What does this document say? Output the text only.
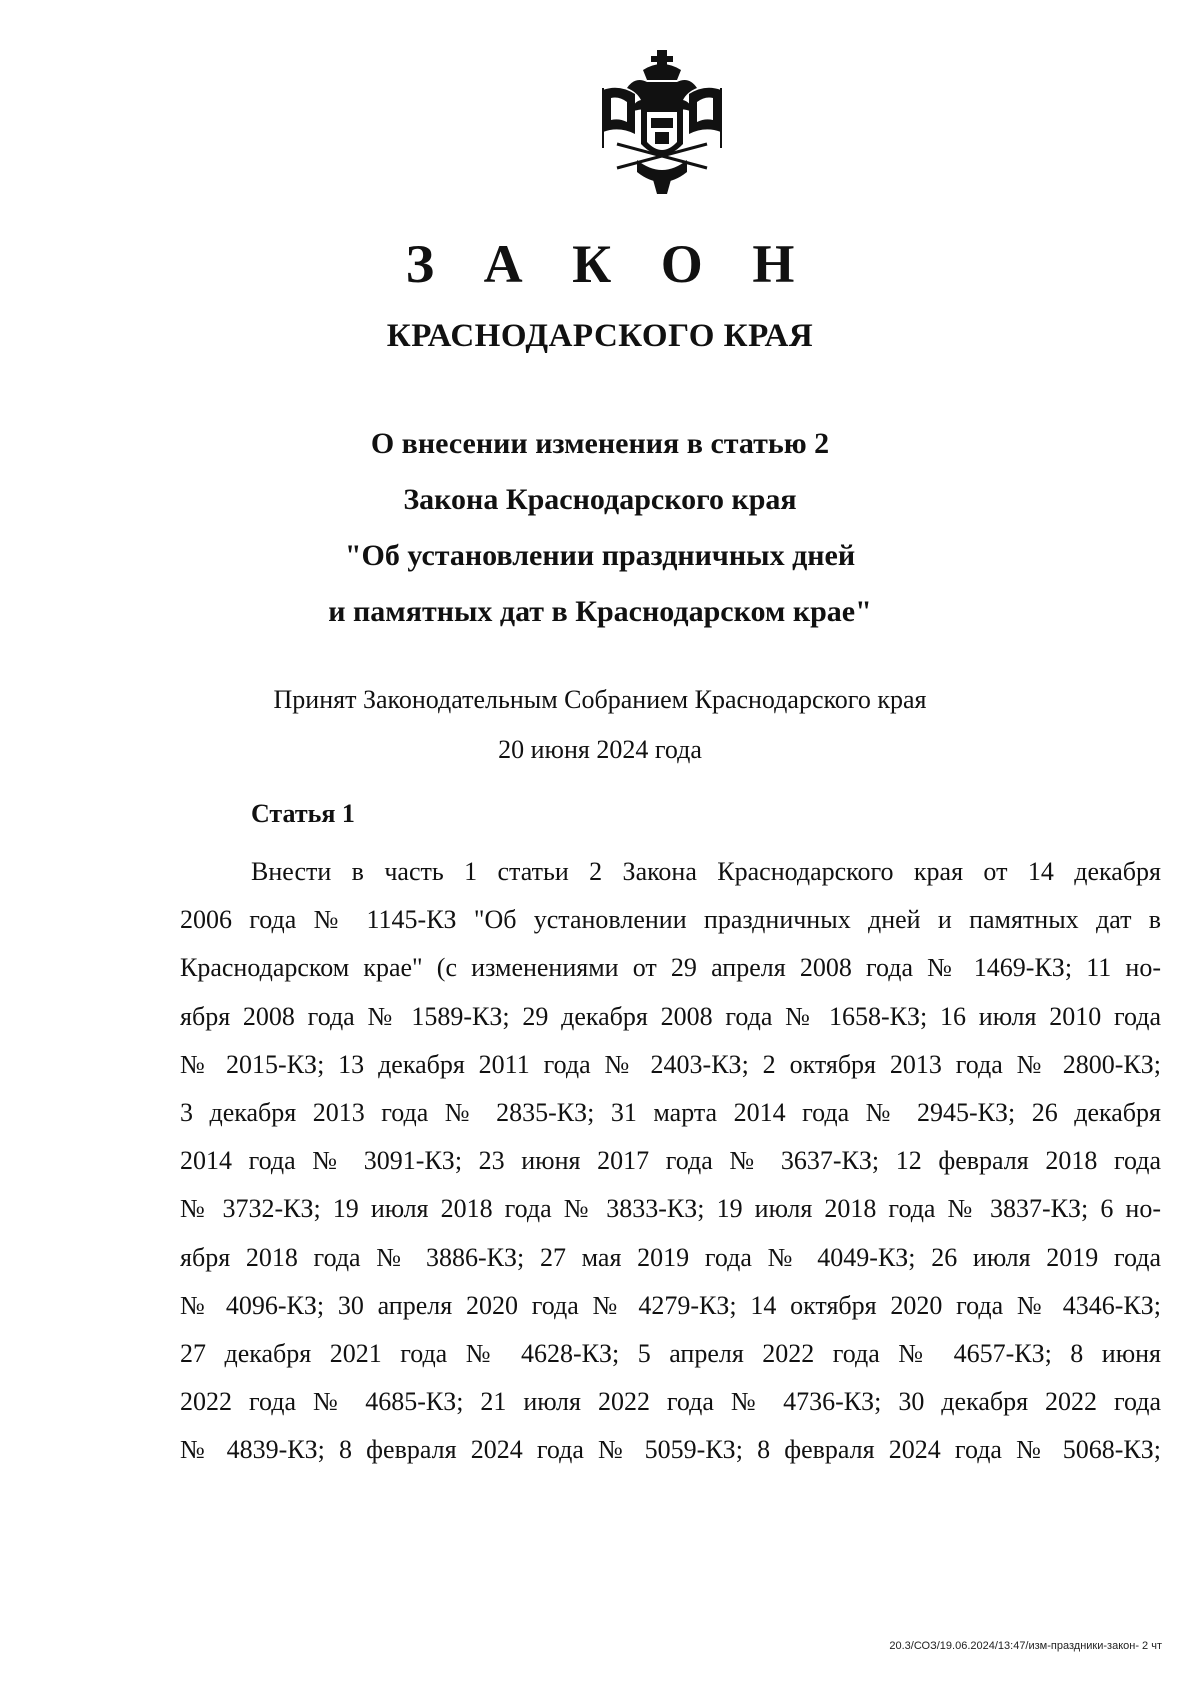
З А К О Н
КРАСНОДАРСКОГО КРАЯ
О внесении изменения в статью 2
Закона Краснодарского края
"Об установлении праздничных дней
и памятных дат в Краснодарском крае"
Принят Законодательным Собранием Краснодарского края
20 июня 2024 года
Статья 1
Внести в часть 1 статьи 2 Закона Краснодарского края от 14 декабря
2006 года № 1145-КЗ "Об установлении праздничных дней и памятных дат в
Краснодарском крае" (с изменениями от 29 апреля 2008 года № 1469-КЗ; 11 но-
ября 2008 года № 1589-КЗ; 29 декабря 2008 года № 1658-КЗ; 16 июля 2010 года
№ 2015-КЗ; 13 декабря 2011 года № 2403-КЗ; 2 октября 2013 года № 2800-КЗ;
3 декабря 2013 года № 2835-КЗ; 31 марта 2014 года № 2945-КЗ; 26 декабря
2014 года № 3091-КЗ; 23 июня 2017 года № 3637-КЗ; 12 февраля 2018 года
№ 3732-КЗ; 19 июля 2018 года № 3833-КЗ; 19 июля 2018 года № 3837-КЗ; 6 но-
ября 2018 года № 3886-КЗ; 27 мая 2019 года № 4049-КЗ; 26 июля 2019 года
№ 4096-КЗ; 30 апреля 2020 года № 4279-КЗ; 14 октября 2020 года № 4346-КЗ;
27 декабря 2021 года № 4628-КЗ; 5 апреля 2022 года № 4657-КЗ; 8 июня
2022 года № 4685-КЗ; 21 июля 2022 года № 4736-КЗ; 30 декабря 2022 года
№ 4839-КЗ; 8 февраля 2024 года № 5059-КЗ; 8 февраля 2024 года № 5068-КЗ;
20.3/СОЗ/19.06.2024/13:47/изм-праздники-закон- 2 чт
